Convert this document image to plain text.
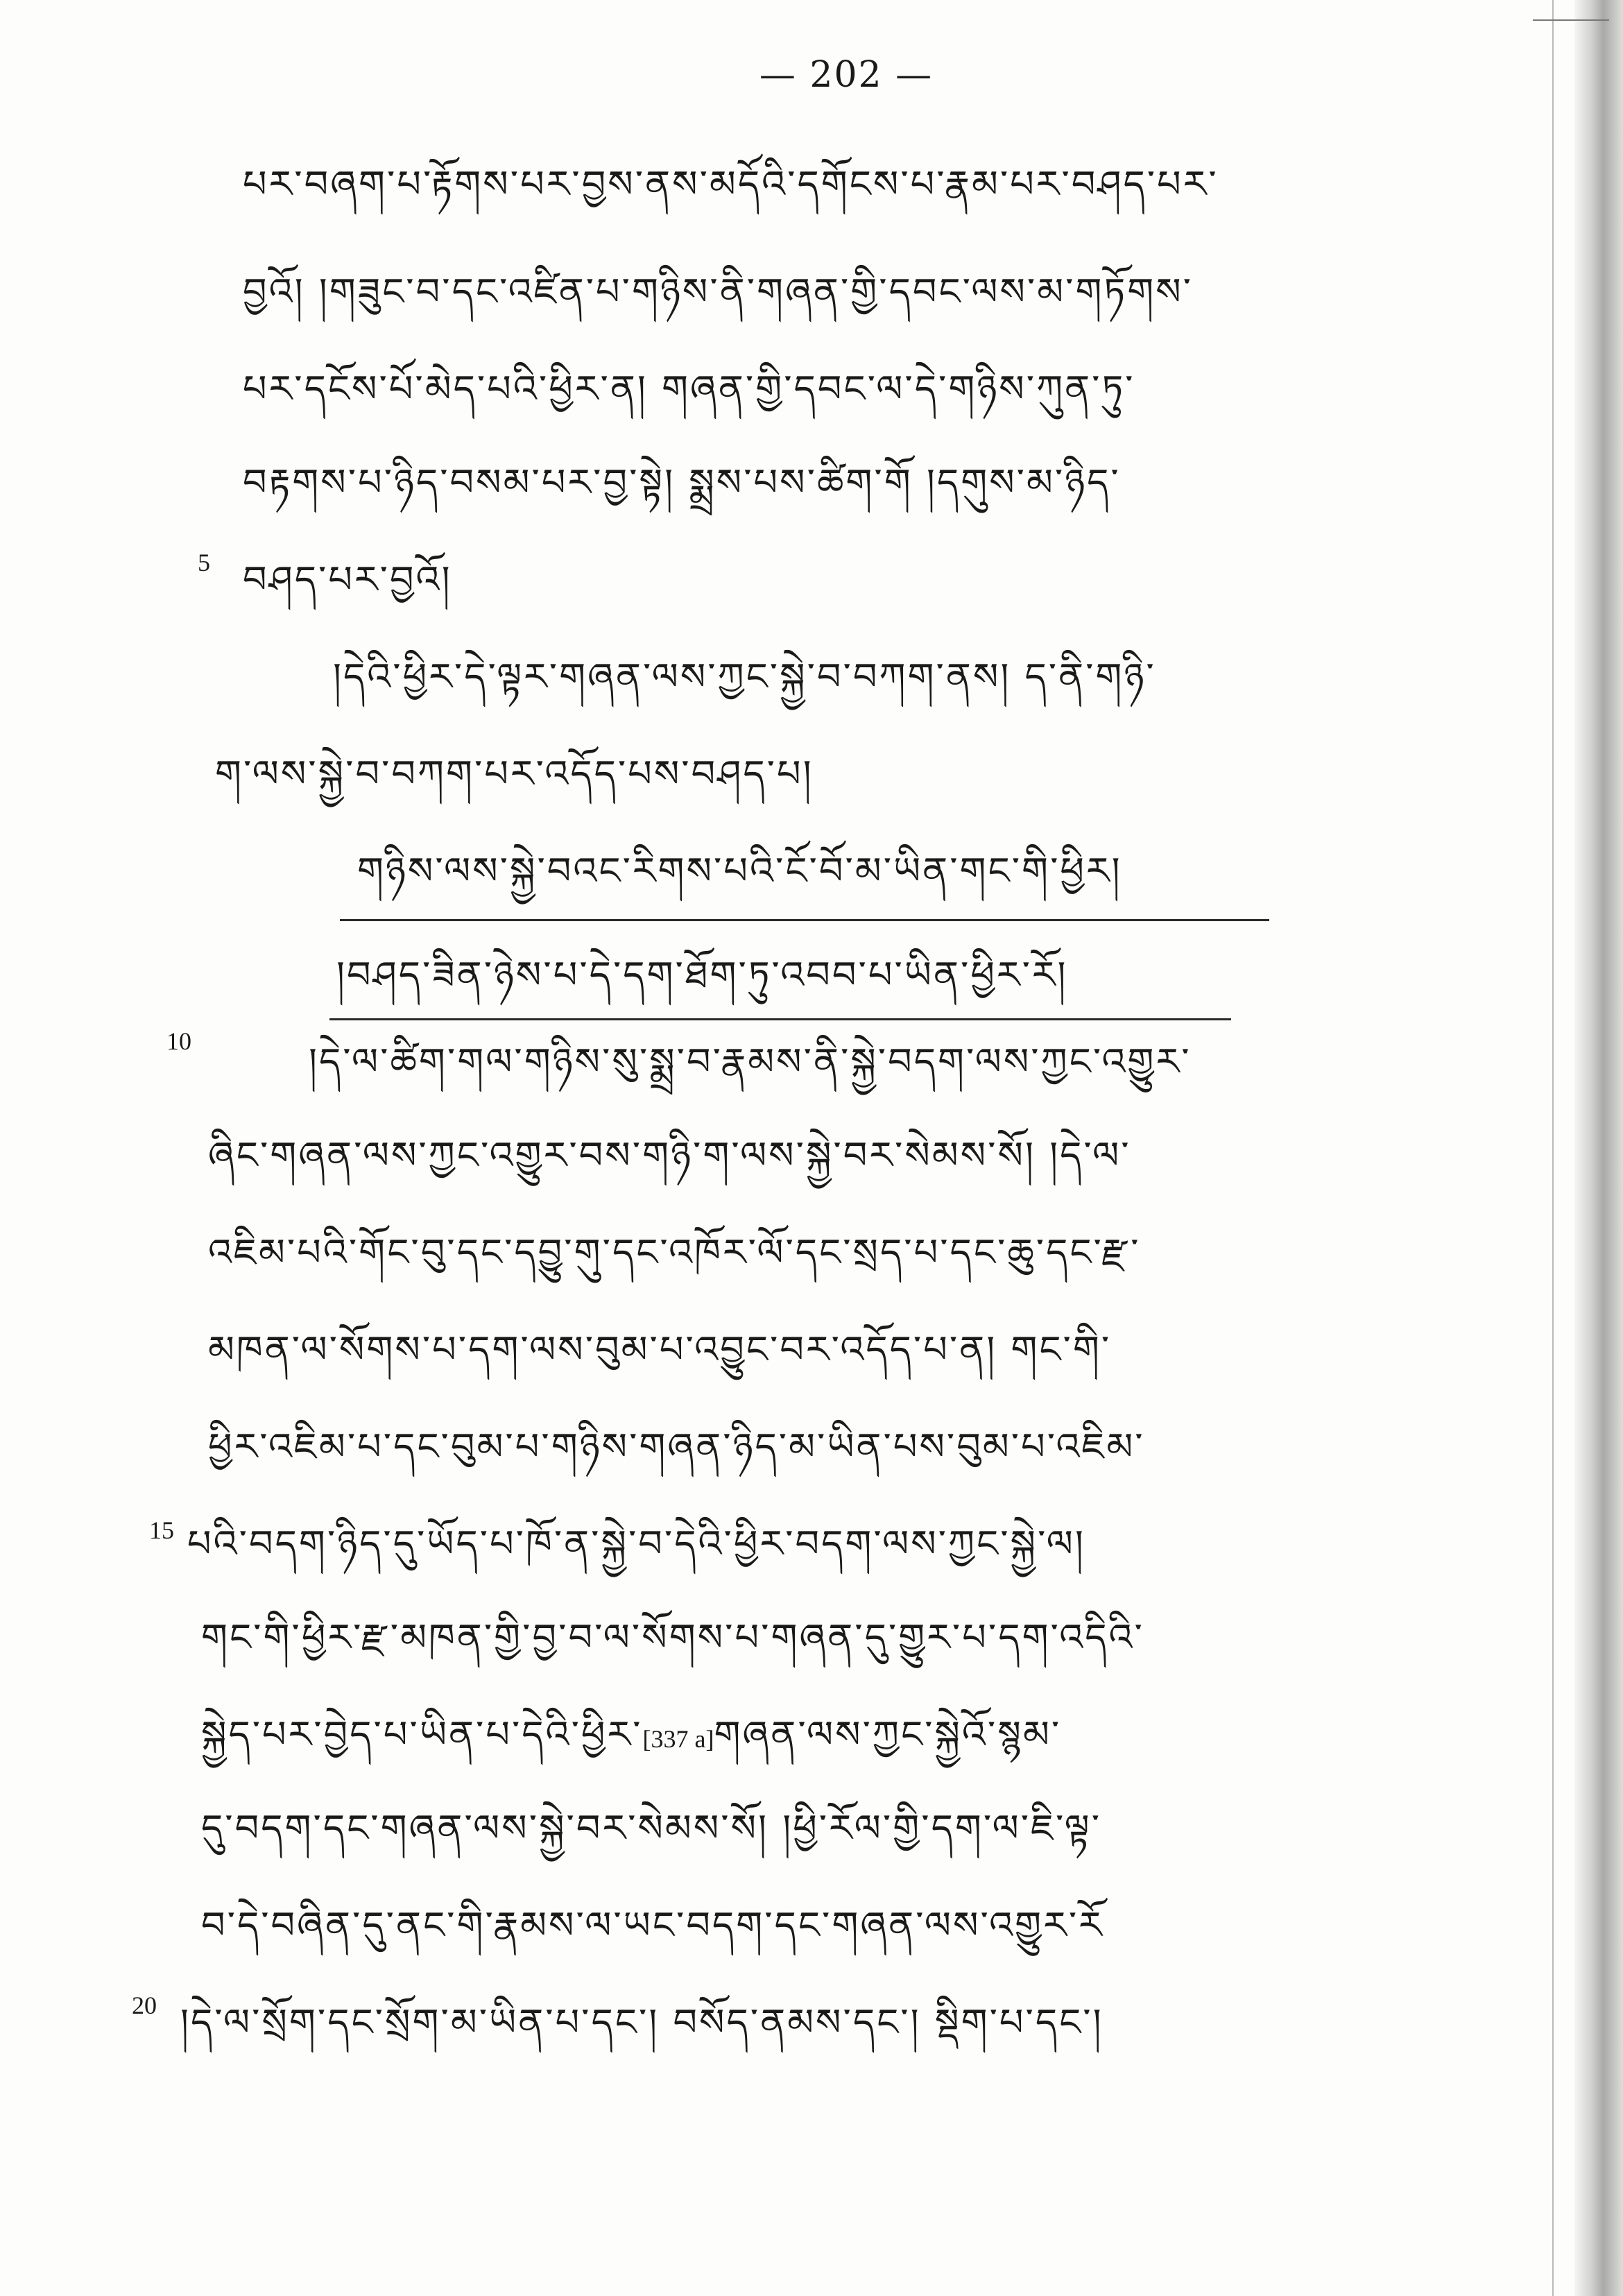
— 202 —
པར་བཞག་པ་རྟོགས་པར་བྱས་ནས་མདོའི་དགོངས་པ་རྣམ་པར་བཤད་པར་
བྱའོ། །གཟུང་བ་དང་འཛིན་པ་གཉིས་ནི་གཞན་གྱི་དབང་ལས་མ་གཏོགས་
པར་དངོས་པོ་མེད་པའི་ཕྱིར་ན། གཞན་གྱི་དབང་ལ་དེ་གཉིས་ཀུན་ཏུ་
བརྟགས་པ་ཉིད་བསམ་པར་བྱ་སྟེ། སྨྲས་པས་ཚིག་གོ །དགུས་མ་ཉིད་
5 བཤད་པར་བྱའོ།
།དེའི་ཕྱིར་དེ་ལྟར་གཞན་ལས་ཀྱང་སྐྱེ་བ་བཀག་ནས། ད་ནི་གཉི་
ག་ལས་སྐྱེ་བ་བཀག་པར་འདོད་པས་བཤད་པ།
གཉིས་ལས་སྐྱེ་བའང་རིགས་པའི་ངོ་བོ་མ་ཡིན་གང་གི་ཕྱིར།
།བཤད་ཟིན་ཉེས་པ་དེ་དག་ཐོག་ཏུ་འབབ་པ་ཡིན་ཕྱིར་རོ།
10	།དེ་ལ་ཚིག་གལ་གཉིས་སུ་སྨྲ་བ་རྣམས་ནི་སྐྱེ་བདག་ལས་ཀྱང་འགྱུར་
ཞིང་གཞན་ལས་ཀྱང་འགྱུར་བས་གཉི་ག་ལས་སྐྱེ་བར་སེམས་སོ། །དེ་ལ་
འཇིམ་པའི་གོང་བུ་དང་དབྱུ་གུ་དང་འཁོར་ལོ་དང་སྲད་པ་དང་ཆུ་དང་རྫ་
མཁན་ལ་སོགས་པ་དག་ལས་བུམ་པ་འབྱུང་བར་འདོད་པ་ན། གང་གི་
ཕྱིར་འཇིམ་པ་དང་བུམ་པ་གཉིས་གཞན་ཉིད་མ་ཡིན་པས་བུམ་པ་འཇིམ་
15 པའི་བདག་ཉིད་དུ་ཡོད་པ་ཁོ་ན་སྐྱེ་བ་དེའི་ཕྱིར་བདག་ལས་ཀྱང་སྐྱེ་ལ།
གང་གི་ཕྱིར་རྫ་མཁན་གྱི་བྱ་བ་ལ་སོགས་པ་གཞན་དུ་གྱུར་པ་དག་འདིའི་
སྐྱེད་པར་བྱེད་པ་ཡིན་པ་དེའི་ཕྱིར་[337 a]གཞན་ལས་ཀྱང་སྐྱེའོ་སྙམ་
དུ་བདག་དང་གཞན་ལས་སྐྱེ་བར་སེམས་སོ། །ཕྱི་རོལ་གྱི་དག་ལ་ཇི་ལྟ་
བ་དེ་བཞིན་དུ་ནང་གི་རྣམས་ལ་ཡང་བདག་དང་གཞན་ལས་འགྱུར་རོ
20 །དེ་ལ་སྲོག་དང་སྲོག་མ་ཡིན་པ་དང་། བསོད་ནམས་དང་། སྡིག་པ་དང་།
